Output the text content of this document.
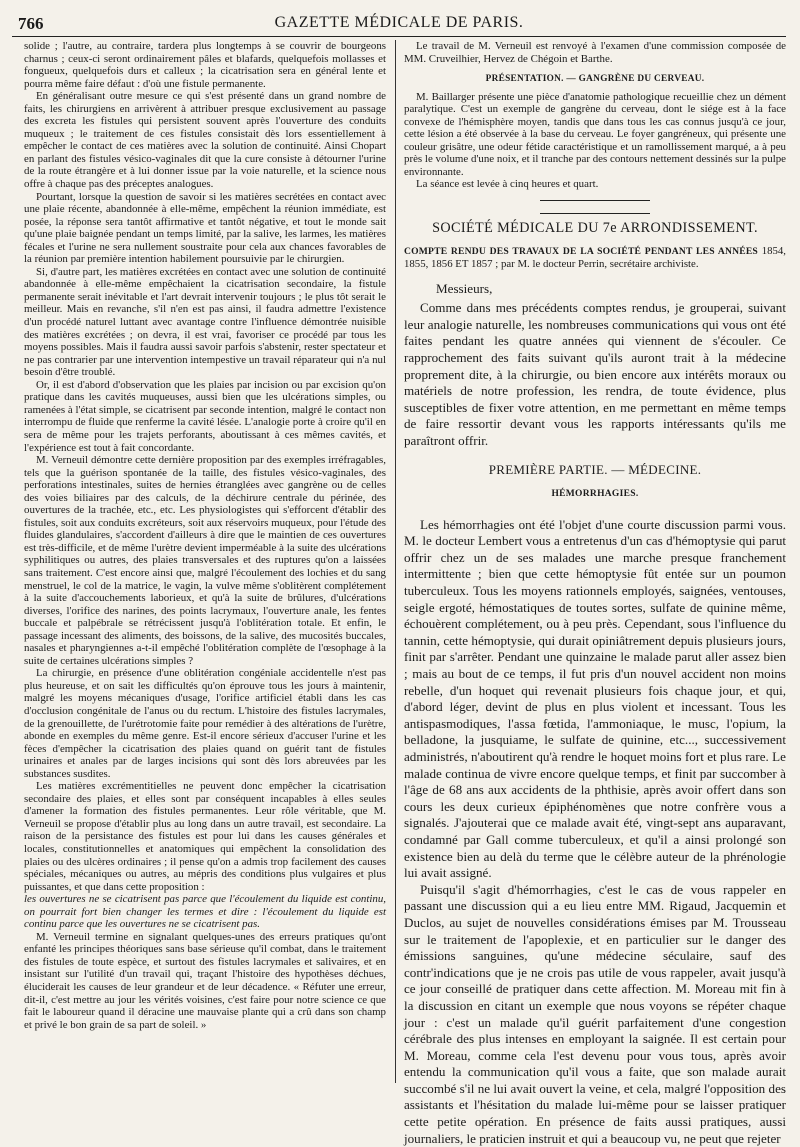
766	GAZETTE MÉDICALE DE PARIS.

solide ; l'autre, au contraire, tardera plus longtemps à se couvrir de bourgeons charnus ; ceux-ci seront ordinairement pâles et blafards, quelquefois mollasses et fongueux, quelquefois durs et calleux ; la cicatrisation sera en général lente et pourra même faire défaut : d'où une fistule permanente.

En généralisant outre mesure ce qui s'est présenté dans un grand nombre de faits, les chirurgiens en arrivèrent à attribuer presque exclusivement au passage des excreta les fistules qui persistent souvent après l'ouverture des conduits muqueux ; le traitement de ces fistules consistait dès lors essentiellement à empêcher le contact de ces matières avec la solution de continuité. Ainsi Chopart en parlant des fistules vésico-vaginales dit que la cure consiste à détourner l'urine de la route étrangère et à lui donner issue par la voie naturelle, et la science nous offre à chaque pas des préceptes analogues.

Pourtant, lorsque la question de savoir si les matières secrétées en contact avec une plaie récente, abandonnée à elle-même, empêchent la réunion immédiate, est posée, la réponse sera tantôt affirmative et tantôt négative, et tout le monde sait qu'une plaie baignée pendant un temps limité, par la salive, les larmes, les matières fécales et l'urine ne sera nullement soustraite pour cela aux chances favorables de la réunion par première intention habilement poursuivie par le chirurgien.

Si, d'autre part, les matières excrétées en contact avec une solution de continuité abandonnée à elle-même empêchaient la cicatrisation secondaire, la fistule permanente serait inévitable et l'art devrait intervenir toujours ; le plus tôt serait le meilleur. Mais en revanche, s'il n'en est pas ainsi, il faudra admettre l'existence d'un procédé naturel luttant avec avantage contre l'influence démontrée nuisible des matières excrétées ; on devra, il est vrai, favoriser ce procédé par tous les moyens possibles. Mais il faudra aussi savoir parfois s'abstenir, rester spectateur et ne pas contrarier par une intervention intempestive un travail réparateur qui n'a nul besoin d'être troublé.

Or, il est d'abord d'observation que les plaies par incision ou par excision qu'on pratique dans les cavités muqueuses, aussi bien que les ulcérations simples, ou ramenées à l'état simple, se cicatrisent par seconde intention, malgré le contact non interrompu de fluide que renferme la cavité lésée. L'analogie porte à croire qu'il en sera de même pour les trajets perforants, aboutissant à ces mêmes cavités, et l'expérience est tout à fait concordante.

M. Verneuil démontre cette dernière proposition par des exemples irréfragables, tels que la guérison spontanée de la taille, des fistules vésico-vaginales, des perforations intestinales, suites de hernies étranglées avec gangrène ou de celles des voies biliaires par des calculs, de la déchirure centrale du périnée, des ouvertures de la trachée, etc., etc. Les physiologistes qui s'efforcent d'établir des fistules, soit aux conduits excréteurs, soit aux réservoirs muqueux, pour l'étude des fluides glandulaires, s'accordent d'ailleurs à dire que le maintien de ces ouvertures est très-difficile, et de même l'urètre devient imperméable à la suite des ulcérations syphilitiques ou autres, des plaies transversales et des ruptures qu'on a laissées sans traitement. C'est encore ainsi que, malgré l'écoulement des lochies et du sang menstruel, le col de la matrice, le vagin, la vulve même s'oblitèrent complétement à la suite d'accouchements laborieux, et qu'à la suite de brûlures, d'ulcérations diverses, l'orifice des narines, des points lacrymaux, l'ouverture anale, les fentes buccale et palpébrale se rétrécissent jusqu'à l'oblitération totale. Et enfin, le passage incessant des aliments, des boissons, de la salive, des mucosités buccales, nasales et pharyngiennes a-t-il empêché l'oblitération complète de l'œsophage à la suite de certaines ulcérations simples ?

La chirurgie, en présence d'une oblitération congéniale accidentelle n'est pas plus heureuse, et on sait les difficultés qu'on éprouve tous les jours à maintenir, malgré les moyens mécaniques d'usage, l'orifice artificiel établi dans les cas d'occlusion congénitale de l'anus ou du rectum. L'histoire des fistules lacrymales, de la grenouillette, de l'urétrotomie faite pour remédier à des altérations de l'urètre, abonde en exemples du même genre. Est-il encore sérieux d'accuser l'urine et les fèces d'empêcher la cicatrisation des plaies quand on guérit tant de fistules urinaires et anales par de larges incisions qui sont dès lors abreuvées par les substances susdites.

Les matières excrémentitielles ne peuvent donc empêcher la cicatrisation secondaire des plaies, et elles sont par conséquent incapables à elles seules d'amener la formation des fistules permanentes. Leur rôle véritable, que M. Verneuil se propose d'établir plus au long dans un autre travail, est secondaire. La raison de la persistance des fistules est pour lui dans les causes générales et locales, constitutionnelles et anatomiques qui empêchent la consolidation des plaies ou des ulcères ordinaires ; il pense qu'on a admis trop facilement des causes spéciales, mécaniques ou autres, au mépris des conditions plus vulgaires et plus puissantes, et que dans cette proposition :

les ouvertures ne se cicatrisent pas parce que l'écoulement du liquide est continu, on pourrait fort bien changer les termes et dire : l'écoulement du liquide est continu parce que les ouvertures ne se cicatrisent pas.

M. Verneuil termine en signalant quelques-unes des erreurs pratiques qu'ont enfanté les principes théoriques sans base sérieuse qu'il combat, dans le traitement des fistules de toute espèce, et surtout des fistules lacrymales et salivaires, et en insistant sur l'utilité d'un travail qui, traçant l'histoire des hypothèses déchues, éluciderait les causes de leur grandeur et de leur décadence. « Réfuter une erreur, dit-il, c'est mettre au jour les vérités voisines, c'est faire pour notre science ce que fait le laboureur quand il déracine une mauvaise plante qui a crû dans son champ et privé le bon grain de sa part de soleil. »

Le travail de M. Verneuil est renvoyé à l'examen d'une commission composée de MM. Cruveilhier, Hervez de Chégoin et Barthe.

PRÉSENTATION. — GANGRÈNE DU CERVEAU.

M. Baillarger présente une pièce d'anatomie pathologique recueillie chez un dément paralytique. C'est un exemple de gangrène du cerveau, dont le siége est à la face convexe de l'hémisphère moyen, tandis que dans tous les cas connus jusqu'à ce jour, cette lésion a été observée à la base du cerveau. Le foyer gangréneux, qui présente une couleur grisâtre, une odeur fétide caractéristique et un ramollissement marqué, a à peu près le volume d'une noix, et il tranche par des contours nettement dessinés sur la pulpe environnante.

La séance est levée à cinq heures et quart.

SOCIÉTÉ MÉDICALE DU 7e ARRONDISSEMENT.
COMPTE RENDU DES TRAVAUX DE LA SOCIÉTÉ PENDANT LES ANNÉES 1854, 1855, 1856 ET 1857 ; par M. le docteur Perrin, secrétaire archiviste.

Messieurs,

Comme dans mes précédents comptes rendus, je grouperai, suivant leur analogie naturelle, les nombreuses communications qui vous ont été faites pendant les quatre années qui viennent de s'écouler. Ce rapprochement des faits suivant qu'ils auront trait à la médecine proprement dite, à la chirurgie, ou bien encore aux intérêts moraux ou matériels de notre profession, les rendra, de toute évidence, plus susceptibles de fixer votre attention, en me permettant en même temps de faire ressortir devant vous les rapports intéressants qu'ils me paraîtront offrir.

PREMIÈRE PARTIE. — MÉDECINE.
HÉMORRHAGIES.

Les hémorrhagies ont été l'objet d'une courte discussion parmi vous. M. le docteur Lembert vous a entretenus d'un cas d'hémoptysie qui parut offrir chez un de ses malades une marche presque franchement intermittente ; bien que cette hémoptysie fût entée sur un poumon tuberculeux. Tous les moyens rationnels employés, saignées, ventouses, seigle ergoté, hémostatiques de toutes sortes, sulfate de quinine même, échouèrent complétement, ou à peu près. Cependant, sous l'influence du tannin, cette hémoptysie, qui durait opiniâtrement depuis plusieurs jours, finit par s'arrêter. Pendant une quinzaine le malade parut aller assez bien ; mais au bout de ce temps, il fut pris d'un nouvel accident non moins rebelle, d'un hoquet qui revenait plusieurs fois chaque jour, et qui, d'abord léger, devint de plus en plus violent et incessant. Tous les antispasmodiques, l'assa fœtida, l'ammoniaque, le musc, l'opium, la belladone, la jusquiame, le sulfate de quinine, etc..., successivement administrés, n'aboutirent qu'à rendre le hoquet moins fort et plus rare. Le malade continua de vivre encore quelque temps, et finit par succomber à l'âge de 68 ans aux accidents de la phthisie, après avoir offert dans son cours les deux curieux épiphénomènes que notre confrère vous a signalés. J'ajouterai que ce malade avait été, vingt-sept ans auparavant, condamné par Gall comme tuberculeux, et qu'il a ainsi prolongé son existence bien au delà du terme que le célèbre auteur de la phrénologie lui avait assigné.

Puisqu'il s'agit d'hémorrhagies, c'est le cas de vous rappeler en passant une discussion qui a eu lieu entre MM. Rigaud, Jacquemin et Duclos, au sujet de nouvelles considérations émises par M. Trousseau sur le traitement de l'apoplexie, et en particulier sur le danger des émissions sanguines, qu'une médecine séculaire, sauf des contr'indications que je ne crois pas utile de vous rappeler, avait jusqu'à ce jour conseillé de pratiquer dans cette affection. M. Moreau mit fin à la discussion en citant un exemple que nous voyons se répéter chaque jour : c'est un malade qu'il guérit parfaitement d'une congestion cérébrale des plus intenses en employant la saignée. Il est certain pour M. Moreau, comme cela l'est devenu pour vous tous, après avoir entendu la communication qu'il vous a faite, que son malade aurait succombé s'il ne lui avait ouvert la veine, et cela, malgré l'opposition des assistants et l'hésitation du malade lui-même pour se laisser pratiquer cette petite opération. En présence de faits aussi pratiques, aussi journaliers, le praticien instruit et qui a beaucoup vu, ne peut que rejeter
